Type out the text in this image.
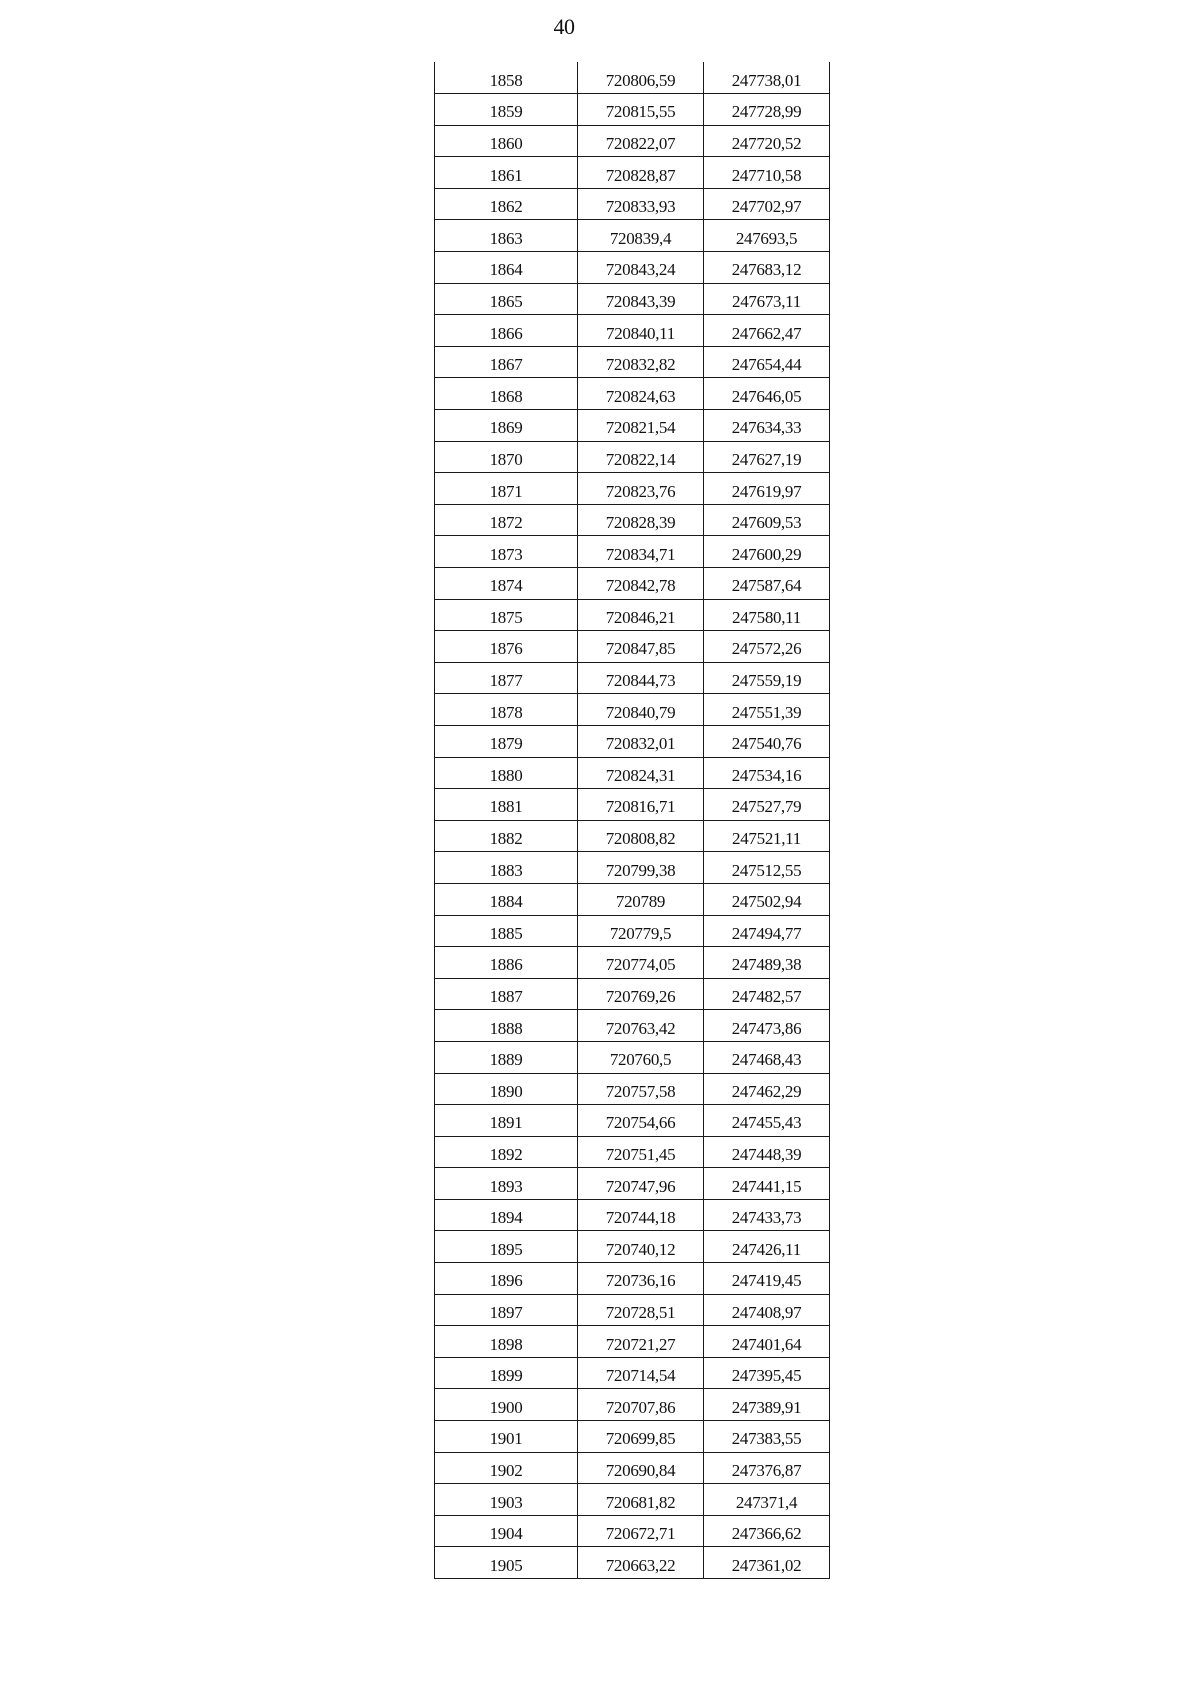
40
1858	720806,59	247738,01
1859	720815,55	247728,99
1860	720822,07	247720,52
1861	720828,87	247710,58
1862	720833,93	247702,97
1863	720839,4	247693,5
1864	720843,24	247683,12
1865	720843,39	247673,11
1866	720840,11	247662,47
1867	720832,82	247654,44
1868	720824,63	247646,05
1869	720821,54	247634,33
1870	720822,14	247627,19
1871	720823,76	247619,97
1872	720828,39	247609,53
1873	720834,71	247600,29
1874	720842,78	247587,64
1875	720846,21	247580,11
1876	720847,85	247572,26
1877	720844,73	247559,19
1878	720840,79	247551,39
1879	720832,01	247540,76
1880	720824,31	247534,16
1881	720816,71	247527,79
1882	720808,82	247521,11
1883	720799,38	247512,55
1884	720789	247502,94
1885	720779,5	247494,77
1886	720774,05	247489,38
1887	720769,26	247482,57
1888	720763,42	247473,86
1889	720760,5	247468,43
1890	720757,58	247462,29
1891	720754,66	247455,43
1892	720751,45	247448,39
1893	720747,96	247441,15
1894	720744,18	247433,73
1895	720740,12	247426,11
1896	720736,16	247419,45
1897	720728,51	247408,97
1898	720721,27	247401,64
1899	720714,54	247395,45
1900	720707,86	247389,91
1901	720699,85	247383,55
1902	720690,84	247376,87
1903	720681,82	247371,4
1904	720672,71	247366,62
1905	720663,22	247361,02
